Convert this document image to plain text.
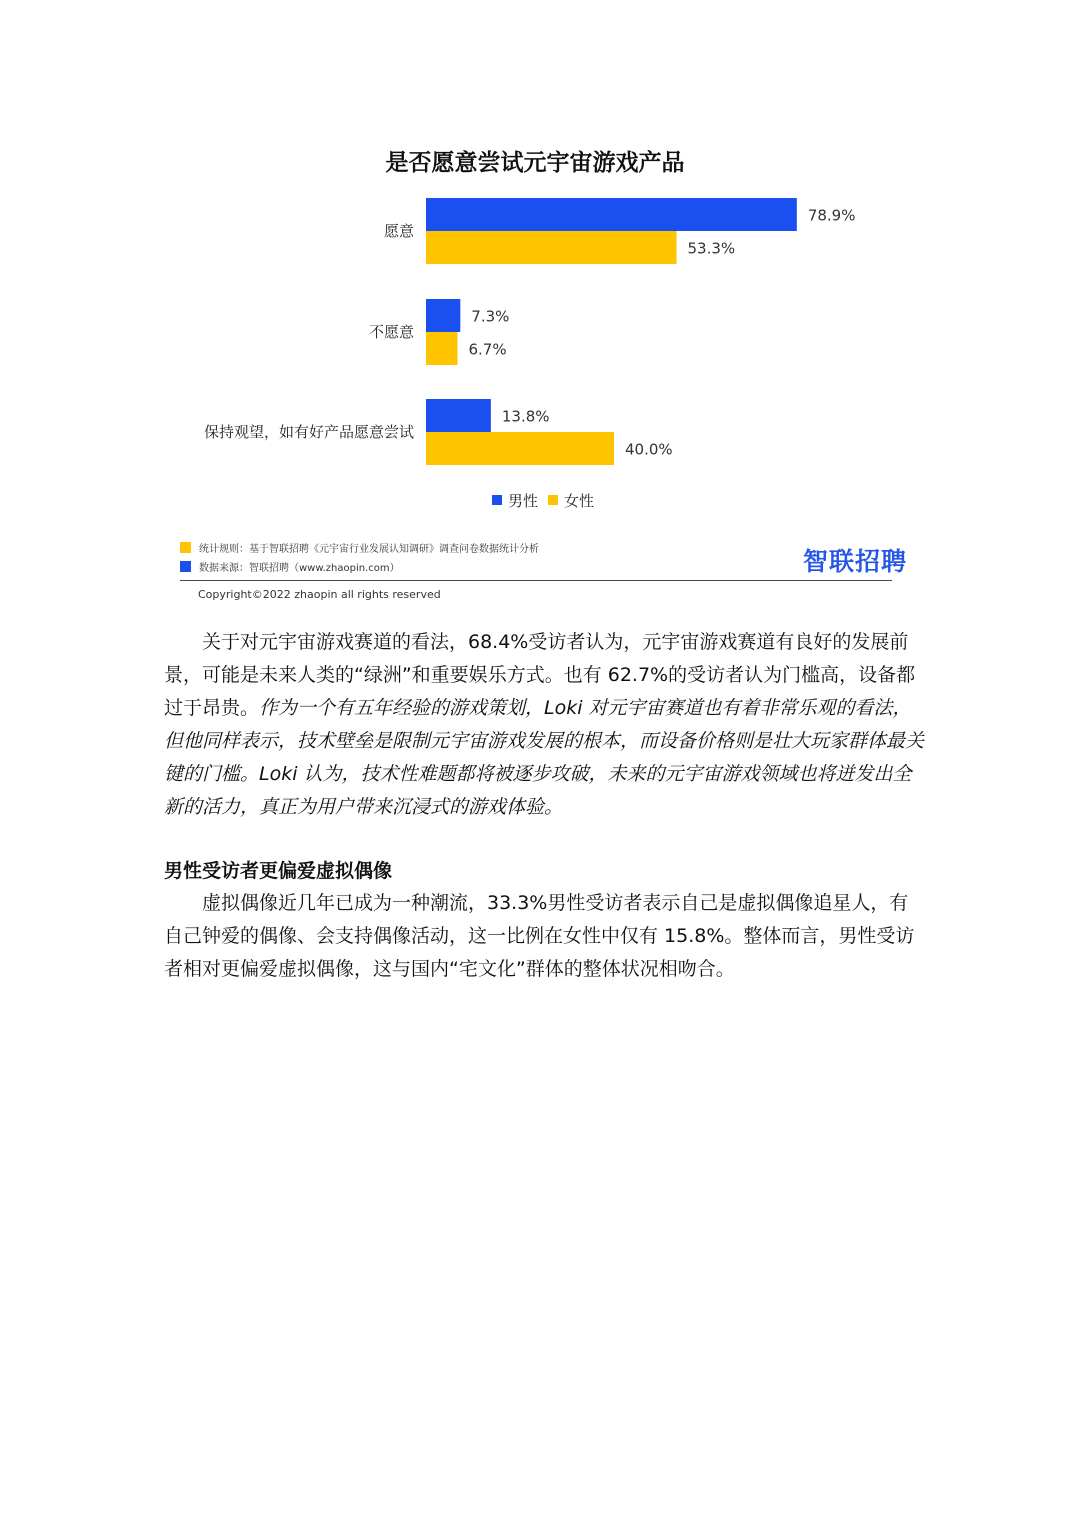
是否愿意尝试元宇宙游戏产品
愿意
78.9%
53.3%
不愿意
7.3%
6.7%
保持观望，如有好产品愿意尝试
13.8%
40.0%
男性 女性
统计规则：基于智联招聘《元宇宙行业发展认知调研》调查问卷数据统计分析
数据来源：智联招聘（www.zhaopin.com）	智联招聘
Copyright©2022 zhaopin all rights reserved

关于对元宇宙游戏赛道的看法，68.4%受访者认为，元宇宙游戏赛道有良好的发展前景，可能是未来人类的“绿洲”和重要娱乐方式。也有 62.7%的受访者认为门槛高，设备都过于昂贵。作为一个有五年经验的游戏策划，Loki 对元宇宙赛道也有着非常乐观的看法，但他同样表示，技术壁垒是限制元宇宙游戏发展的根本，而设备价格则是壮大玩家群体最关键的门槛。Loki 认为，技术性难题都将被逐步攻破，未来的元宇宙游戏领域也将迸发出全新的活力，真正为用户带来沉浸式的游戏体验。

男性受访者更偏爱虚拟偶像

虚拟偶像近几年已成为一种潮流，33.3%男性受访者表示自己是虚拟偶像追星人，有自己钟爱的偶像、会支持偶像活动，这一比例在女性中仅有 15.8%。整体而言，男性受访者相对更偏爱虚拟偶像，这与国内“宅文化”群体的整体状况相吻合。
